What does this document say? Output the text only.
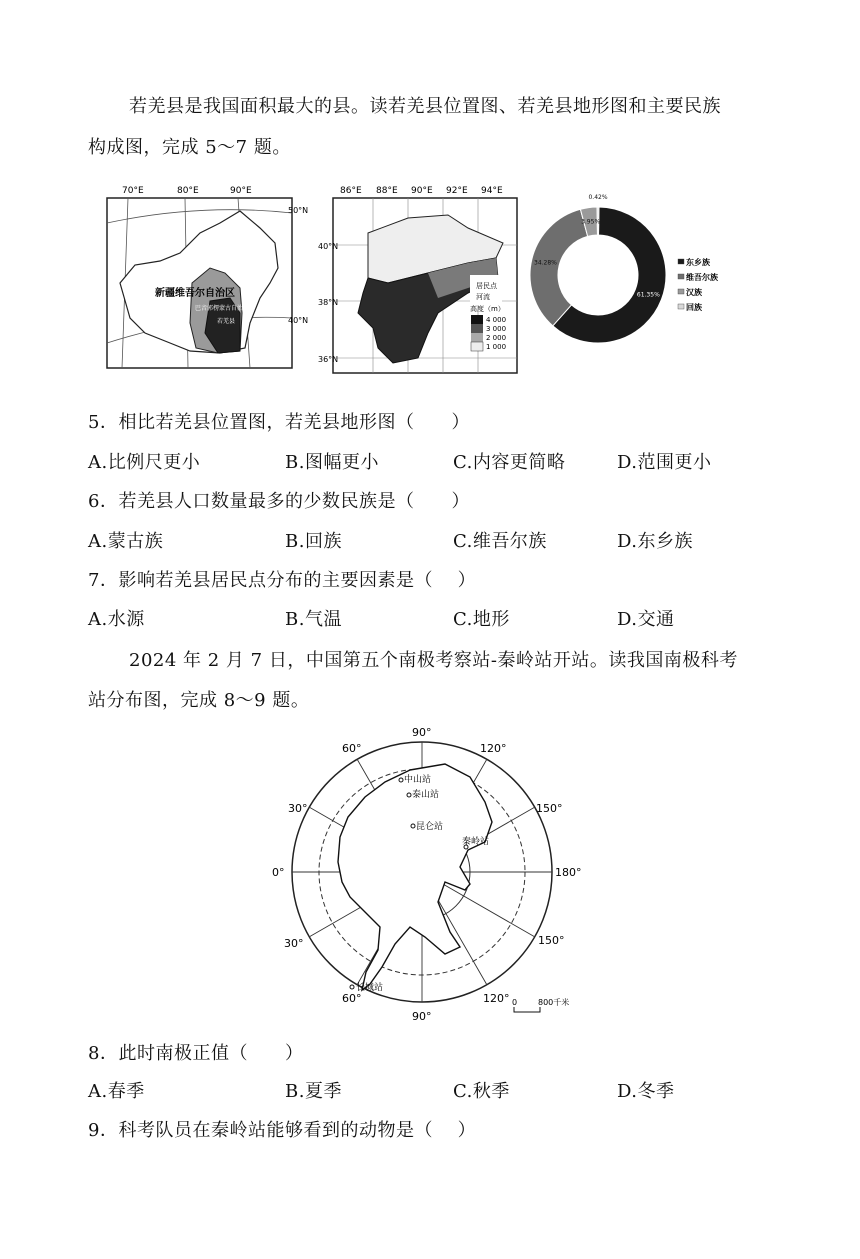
若羌县是我国面积最大的县。读若羌县位置图、若羌县地形图和主要民族
构成图，完成 5～7 题。
70°E	80°E	90°E
50°N
40°N
新疆维吾尔自治区
巴音郭楞蒙古自治州
若羌县
居民点
河流
高度（m）
4 000
3 000
2 000
1 000
86°E 88°E 90°E 92°E 94°E
40°N
38°N
36°N
61.35%
34.28%
3.95%
0.42%
东乡族
维吾尔族
汉族
回族
5．相比若羌县位置图，若羌县地形图（　　）
A.比例尺更小	B.图幅更小	C.内容更简略	D.范围更小
6．若羌县人口数量最多的少数民族是（　　）
A.蒙古族	B.回族	C.维吾尔族	D.东乡族
7．影响若羌县居民点分布的主要因素是（　 ）
A.水源	B.气温	C.地形	D.交通
2024 年 2 月 7 日，中国第五个南极考察站-秦岭站开站。读我国南极科考
站分布图，完成 8～9 题。
中山站
泰山站
昆仑站
秦岭站
长城站
90°
90°
0°	180°
60°
30°
120°
150°
30°
60°	120°
150°
0	800千米
8．此时南极正值（　　）
A.春季	B.夏季	C.秋季	D.冬季
9．科考队员在秦岭站能够看到的动物是（　 ）
